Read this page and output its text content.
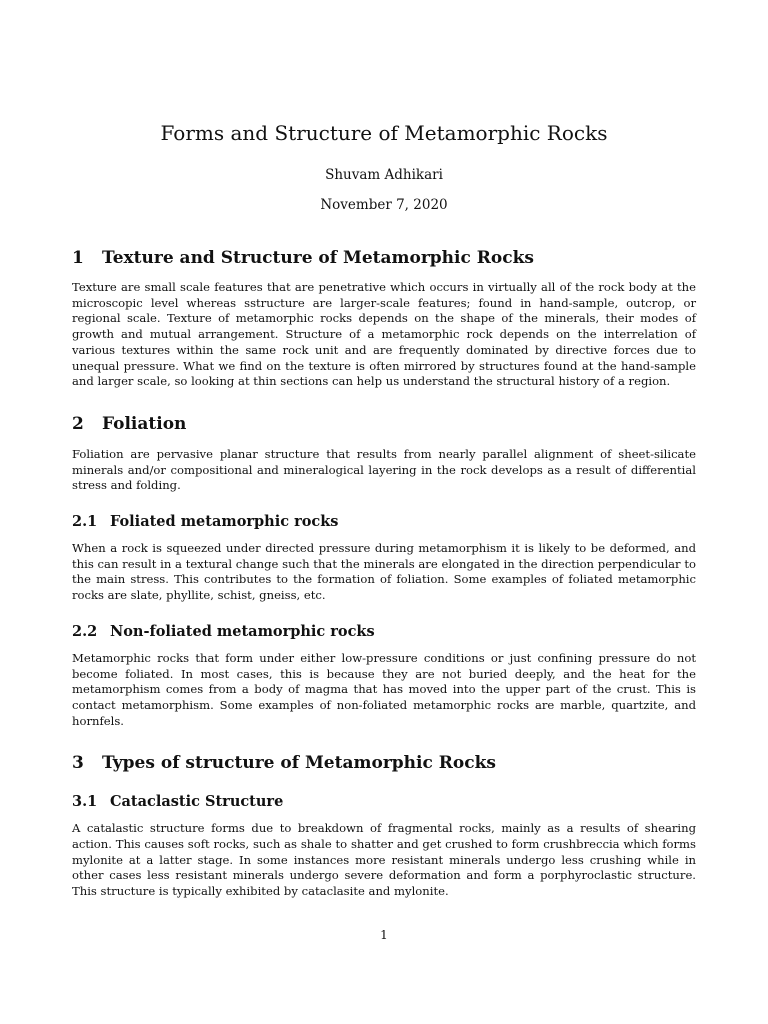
Forms and Structure of Metamorphic Rocks
Shuvam Adhikari
November 7, 2020
1	Texture and Structure of Metamorphic Rocks

Texture are small scale features that are penetrative which occurs in virtually all of the rock body at the microscopic level whereas sstructure are larger-scale features; found in hand-sample, outcrop, or regional scale. Texture of metamorphic rocks depends on the shape of the minerals, their modes of growth and mutual arrangement. Structure of a metamorphic rock depends on the interrelation of various textures within the same rock unit and are frequently dominated by directive forces due to unequal pressure. What we find on the texture is often mirrored by structures found at the hand-sample and larger scale, so looking at thin sections can help us understand the structural history of a region.

2	Foliation

Foliation are pervasive planar structure that results from nearly parallel alignment of sheet-silicate minerals and/or compositional and mineralogical layering in the rock develops as a result of differential stress and folding.

2.1 Foliated metamorphic rocks

When a rock is squeezed under directed pressure during metamorphism it is likely to be deformed, and this can result in a textural change such that the minerals are elongated in the direction perpendicular to the main stress. This contributes to the formation of foliation. Some examples of foliated metamorphic rocks are slate, phyllite, schist, gneiss, etc.

2.2 Non-foliated metamorphic rocks

Metamorphic rocks that form under either low-pressure conditions or just confining pressure do not become foliated. In most cases, this is because they are not buried deeply, and the heat for the metamorphism comes from a body of magma that has moved into the upper part of the crust. This is contact metamorphism. Some examples of non-foliated metamorphic rocks are marble, quartzite, and hornfels.

3	Types of structure of Metamorphic Rocks
3.1 Cataclastic Structure

A catalastic structure forms due to breakdown of fragmental rocks, mainly as a results of shearing action. This causes soft rocks, such as shale to shatter and get crushed to form crushbreccia which forms mylonite at a latter stage. In some instances more resistant minerals undergo less crushing while in other cases less resistant minerals undergo severe deformation and form a porphyroclastic structure. This structure is typically exhibited by cataclasite and mylonite.

1
